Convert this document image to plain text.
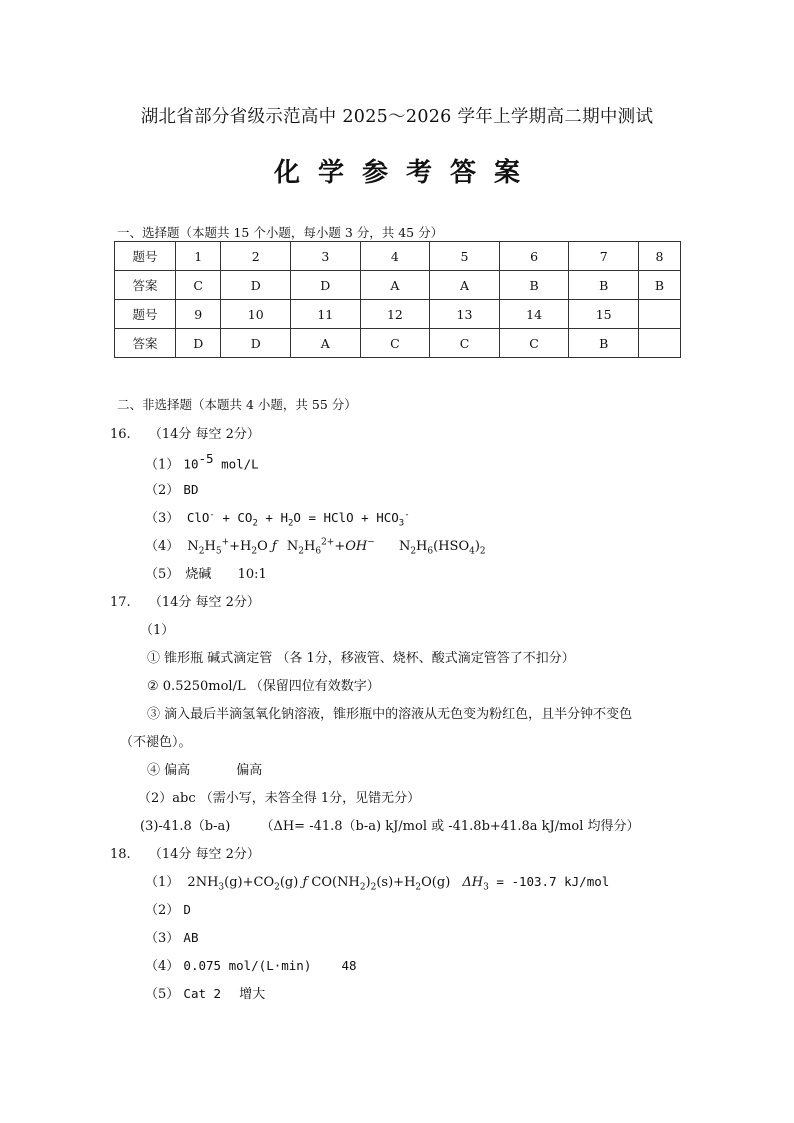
湖北省部分省级示范高中 2025～2026 学年上学期高二期中测试
化学参考答案
一、选择题（本题共 15 个小题，每小题 3 分，共 45 分）
题号	1	2	3	4	5	6	7	8
答案	C	D	D	A	A	B	B	B
题号	9	10	11	12	13	14	15	
答案	D	D	A	C	C	C	B	
二、非选择题（本题共 4 小题，共 55 分）
16. （14分 每空 2分）
（1） $10^{-5}$ mol/L
（2） BD
（3） $ClO^- + CO_2 + H_2O$ = HClO + $HCO_3^-$
（4） $N_2H_5^++H_2O$ ƒ $N_2H_6^{2+}+OH^-$ $N_2H_6(HSO_4)_2$
（5） 烧碱 10:1
17. （14分 每空 2分）
（1）
① 锥形瓶 碱式滴定管 （各 1分，移液管、烧杯、酸式滴定管答了不扣分）
② 0.5250mol/L （保留四位有效数字）
③ 滴入最后半滴氢氧化钠溶液，锥形瓶中的溶液从无色变为粉红色，且半分钟不变色
（不褪色）。
④ 偏高	偏高
（2）abc （需小写，未答全得 1分，见错无分）
(3)-41.8（b-a) （ΔH= -41.8（b-a) kJ/mol 或 -41.8b+41.8a kJ/mol 均得分）
18. （14分 每空 2分）
（1） $2NH_3(g)+CO_2(g)$ ƒ $CO(NH_2)_2(s)+H_2O(g) \Delta H_3 = -103.7$ kJ/mol
（2） D
（3） AB
（4） 0.075 mol/(L·min) 48
（5） Cat 2 增大
